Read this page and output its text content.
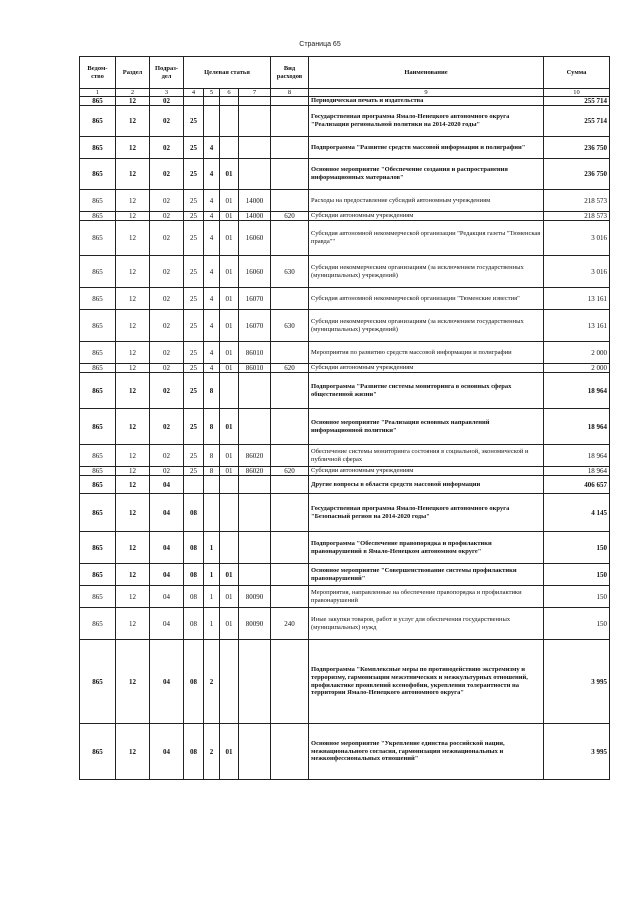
Страница 65
Ведом-ство	Раздел	Подраз-дел	Целевая статья				Вид расходов	Наименование	Сумма
1	2	3	4	5	6	7	8	9	10
865	12	02						Периодическая печать и издательства	255 714
865	12	02	25					Государственная программа Ямало-Ненецкого автономного округа "Реализация региональной политики на 2014-2020 годы"	255 714
865	12	02	25	4				Подпрограмма "Развитие средств массовой информации и полиграфии"	236 750
865	12	02	25	4	01			Основное мероприятие "Обеспечение создания и распространения информационных материалов"	236 750
865	12	02	25	4	01	14000		Расходы на предоставление субсидий автономным учреждениям	218 573
865	12	02	25	4	01	14000	620	Субсидии автономным учреждениям	218 573
865	12	02	25	4	01	16060		Субсидия автономной некоммерческой организации "Редакция газеты "Тюменская правда""	3 016
865	12	02	25	4	01	16060	630	Субсидии некоммерческим организациям (за исключением государственных (муниципальных) учреждений)	3 016
865	12	02	25	4	01	16070		Субсидия автономной некоммерческой организации "Тюменские известия"	13 161
865	12	02	25	4	01	16070	630	Субсидии некоммерческим организациям (за исключением государственных (муниципальных) учреждений)	13 161
865	12	02	25	4	01	86010		Мероприятия по развитию средств массовой информации и полиграфии	2 000
865	12	02	25	4	01	86010	620	Субсидии автономным учреждениям	2 000
865	12	02	25	8				Подпрограмма "Развитие системы мониторинга в основных сферах общественной жизни"	18 964
865	12	02	25	8	01			Основное мероприятие "Реализация основных направлений информационной политики"	18 964
865	12	02	25	8	01	86020		Обеспечение системы мониторинга состояния в социальной, экономической и публичной сферах	18 964
865	12	02	25	8	01	86020	620	Субсидии автономным учреждениям	18 964
865	12	04						Другие вопросы в области средств массовой информации	406 657
865	12	04	08					Государственная программа Ямало-Ненецкого автономного округа "Безопасный регион на 2014-2020 годы"	4 145
865	12	04	08	1				Подпрограмма "Обеспечение правопорядка и профилактики правонарушений в Ямало-Ненецком автономном округе"	150
865	12	04	08	1	01			Основное мероприятие "Совершенствование системы профилактики правонарушений"	150
865	12	04	08	1	01	80090		Мероприятия, направленные на обеспечение правопорядка и профилактики правонарушений	150
865	12	04	08	1	01	80090	240	Иные закупки товаров, работ и услуг для обеспечения государственных (муниципальных) нужд	150
865	12	04	08	2				Подпрограмма "Комплексные меры по противодействию экстремизму и терроризму, гармонизации межэтнических и межкультурных отношений, профилактике проявлений ксенофобии, укрепления толерантности на территории Ямало-Ненецкого автономного округа"	3 995
865	12	04	08	2	01			Основное мероприятие "Укрепление единства российской нации, межнационального согласия, гармонизация межнациональных и межконфессиональных отношений"	3 995
